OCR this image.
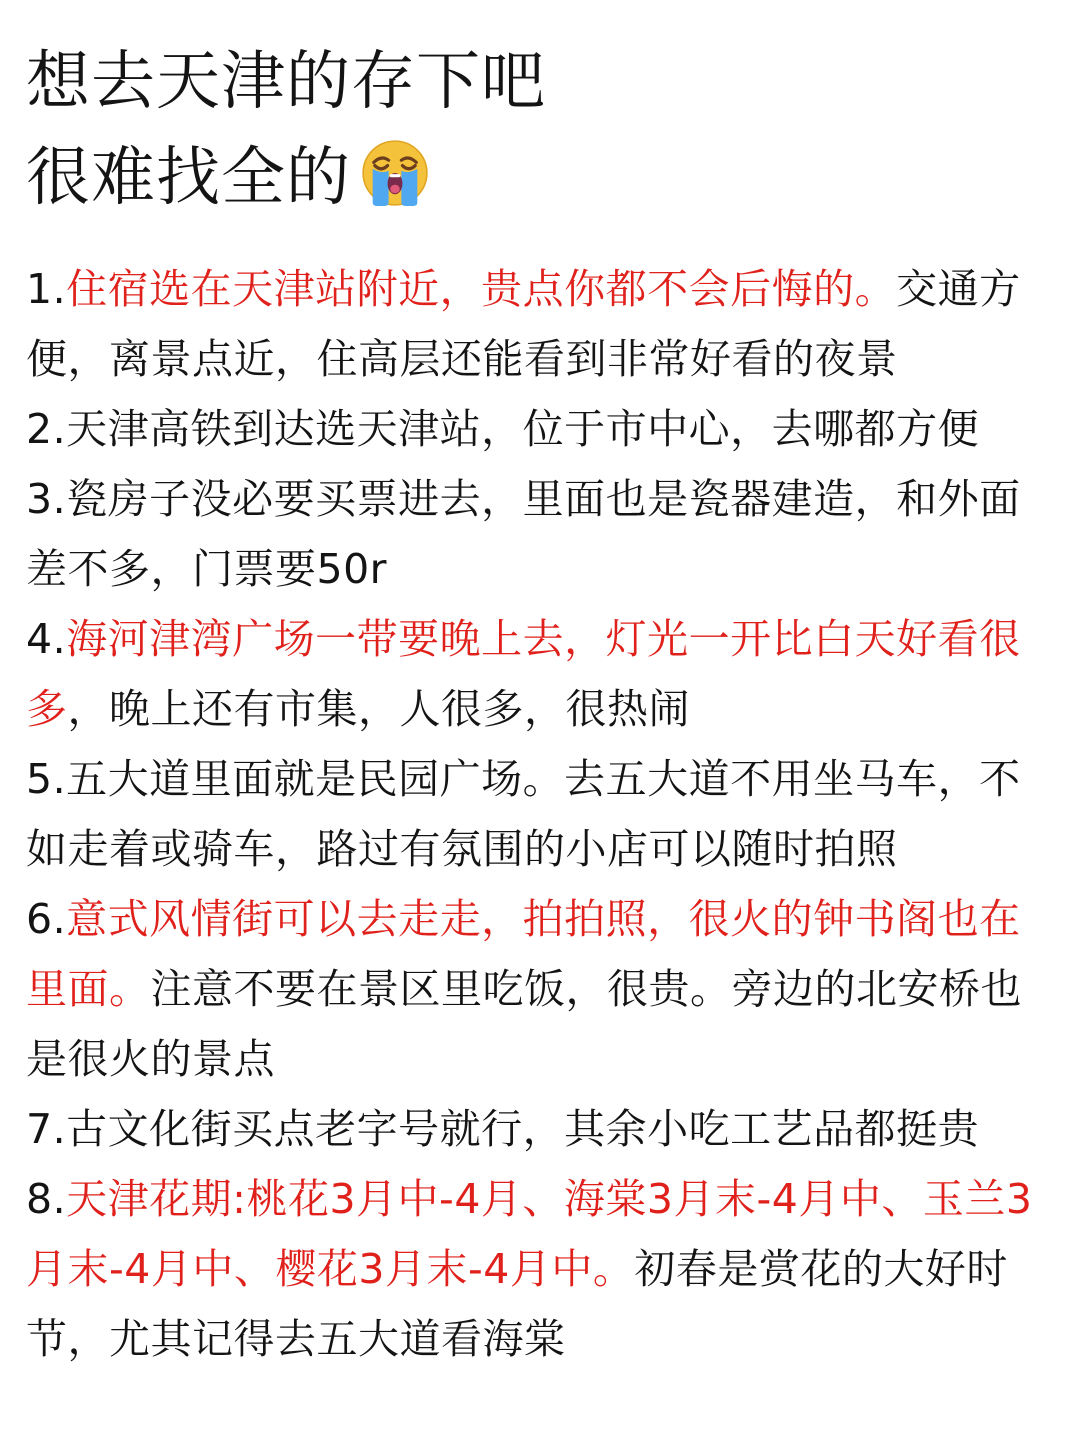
想去天津的存下吧
很难找全的

1.住宿选在天津站附近，贵点你都不会后悔的。交通方便，离景点近，住高层还能看到非常好看的夜景

2.天津高铁到达选天津站，位于市中心，去哪都方便

3.瓷房子没必要买票进去，里面也是瓷器建造，和外面差不多，门票要50r

4.海河津湾广场一带要晚上去，灯光一开比白天好看很多，晚上还有市集，人很多，很热闹

5.五大道里面就是民园广场。去五大道不用坐马车，不如走着或骑车，路过有氛围的小店可以随时拍照

6.意式风情街可以去走走，拍拍照，很火的钟书阁也在里面。注意不要在景区里吃饭，很贵。旁边的北安桥也是很火的景点

7.古文化街买点老字号就行，其余小吃工艺品都挺贵

8.天津花期:桃花3月中-4月、海棠3月末-4月中、玉兰3月末-4月中、樱花3月末-4月中。初春是赏花的大好时节，尤其记得去五大道看海棠
